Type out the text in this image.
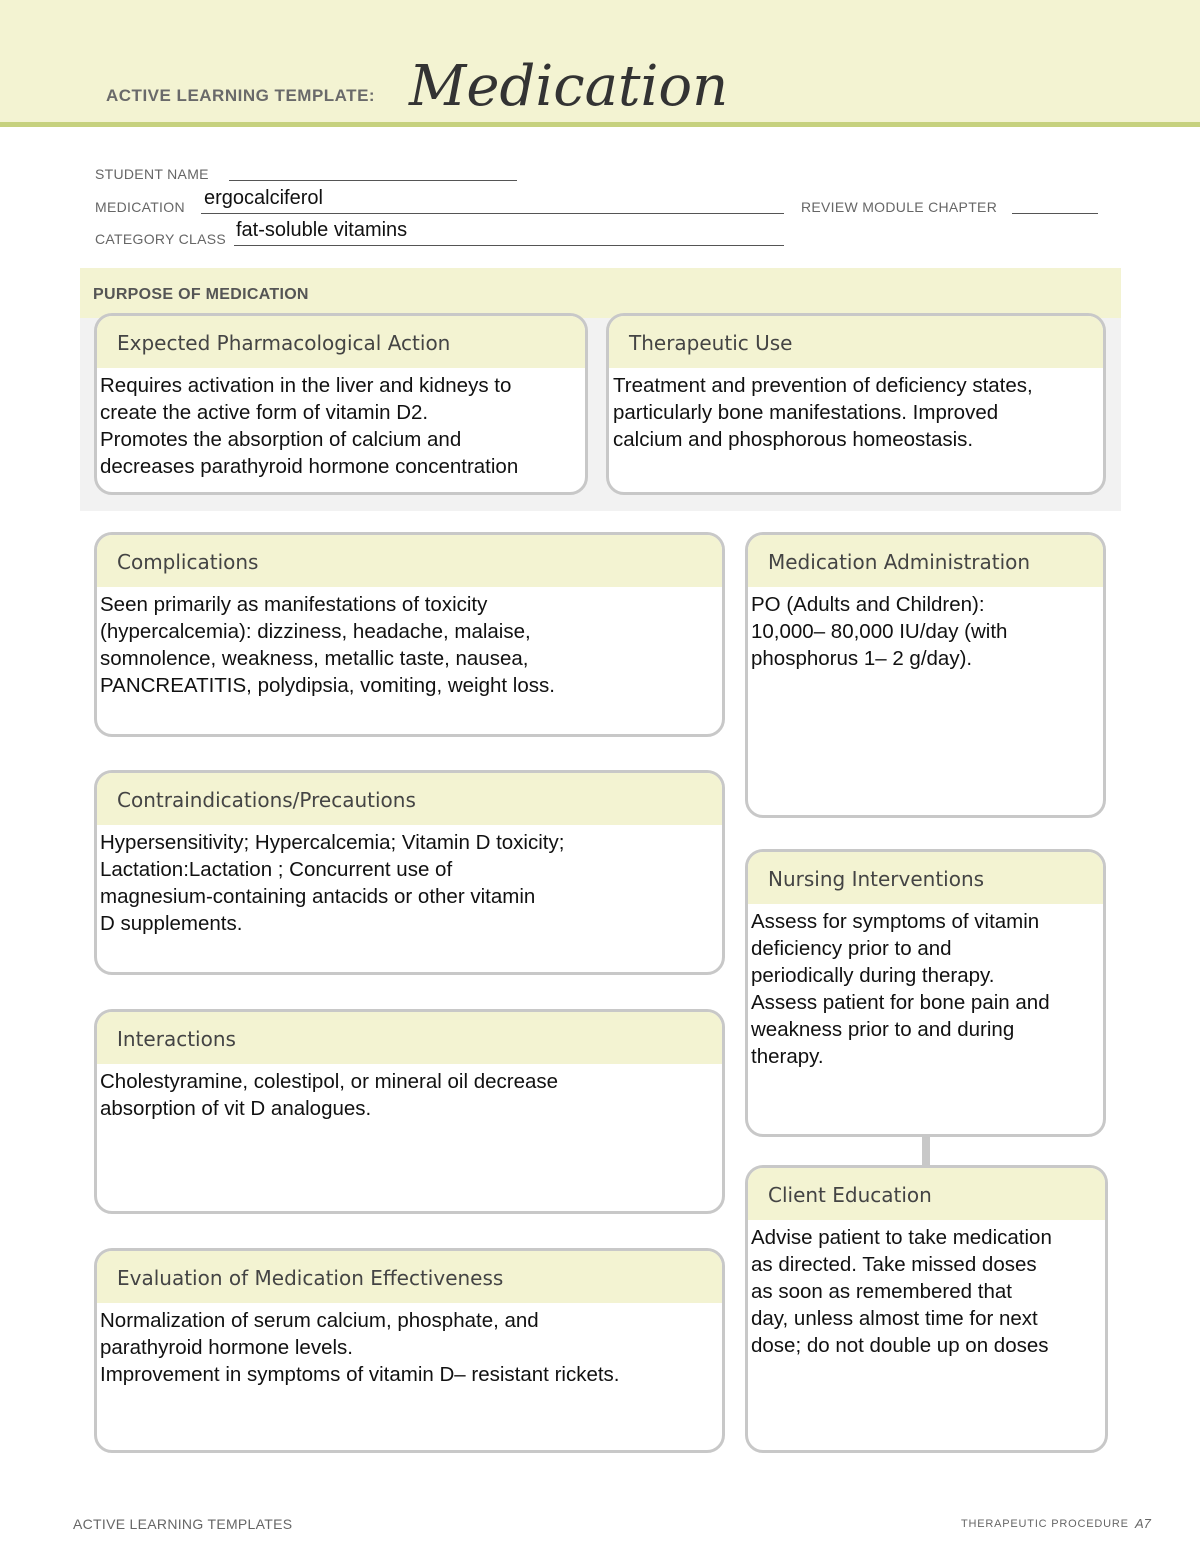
ACTIVE LEARNING TEMPLATE: Medication
STUDENT NAME
MEDICATION ergocalciferol	REVIEW MODULE CHAPTER
CATEGORY CLASS fat-soluble vitamins
PURPOSE OF MEDICATION
Expected Pharmacological Action
Requires activation in the liver and kidneys to
create the active form of vitamin D2.
Promotes the absorption of calcium and
decreases parathyroid hormone concentration
Therapeutic Use
Treatment and prevention of deficiency states,
particularly bone manifestations. Improved
calcium and phosphorous homeostasis.
Complications
Seen primarily as manifestations of toxicity
(hypercalcemia): dizziness, headache, malaise,
somnolence, weakness, metallic taste, nausea,
PANCREATITIS, polydipsia, vomiting, weight loss.
Contraindications/Precautions
Hypersensitivity; Hypercalcemia; Vitamin D toxicity;
Lactation:Lactation ; Concurrent use of
magnesium-containing antacids or other vitamin
D supplements.
Interactions
Cholestyramine, colestipol, or mineral oil decrease
absorption of vit D analogues.
Evaluation of Medication Effectiveness
Normalization of serum calcium, phosphate, and
parathyroid hormone levels.
Improvement in symptoms of vitamin D– resistant rickets.
Medication Administration
PO (Adults and Children):
10,000– 80,000 IU/day (with
phosphorus 1– 2 g/day).
Nursing Interventions
Assess for symptoms of vitamin
deficiency prior to and
periodically during therapy.
Assess patient for bone pain and
weakness prior to and during
therapy.
Client Education
Advise patient to take medication
as directed. Take missed doses
as soon as remembered that
day, unless almost time for next
dose; do not double up on doses
ACTIVE LEARNING TEMPLATES	THERAPEUTIC PROCEDURE A7
